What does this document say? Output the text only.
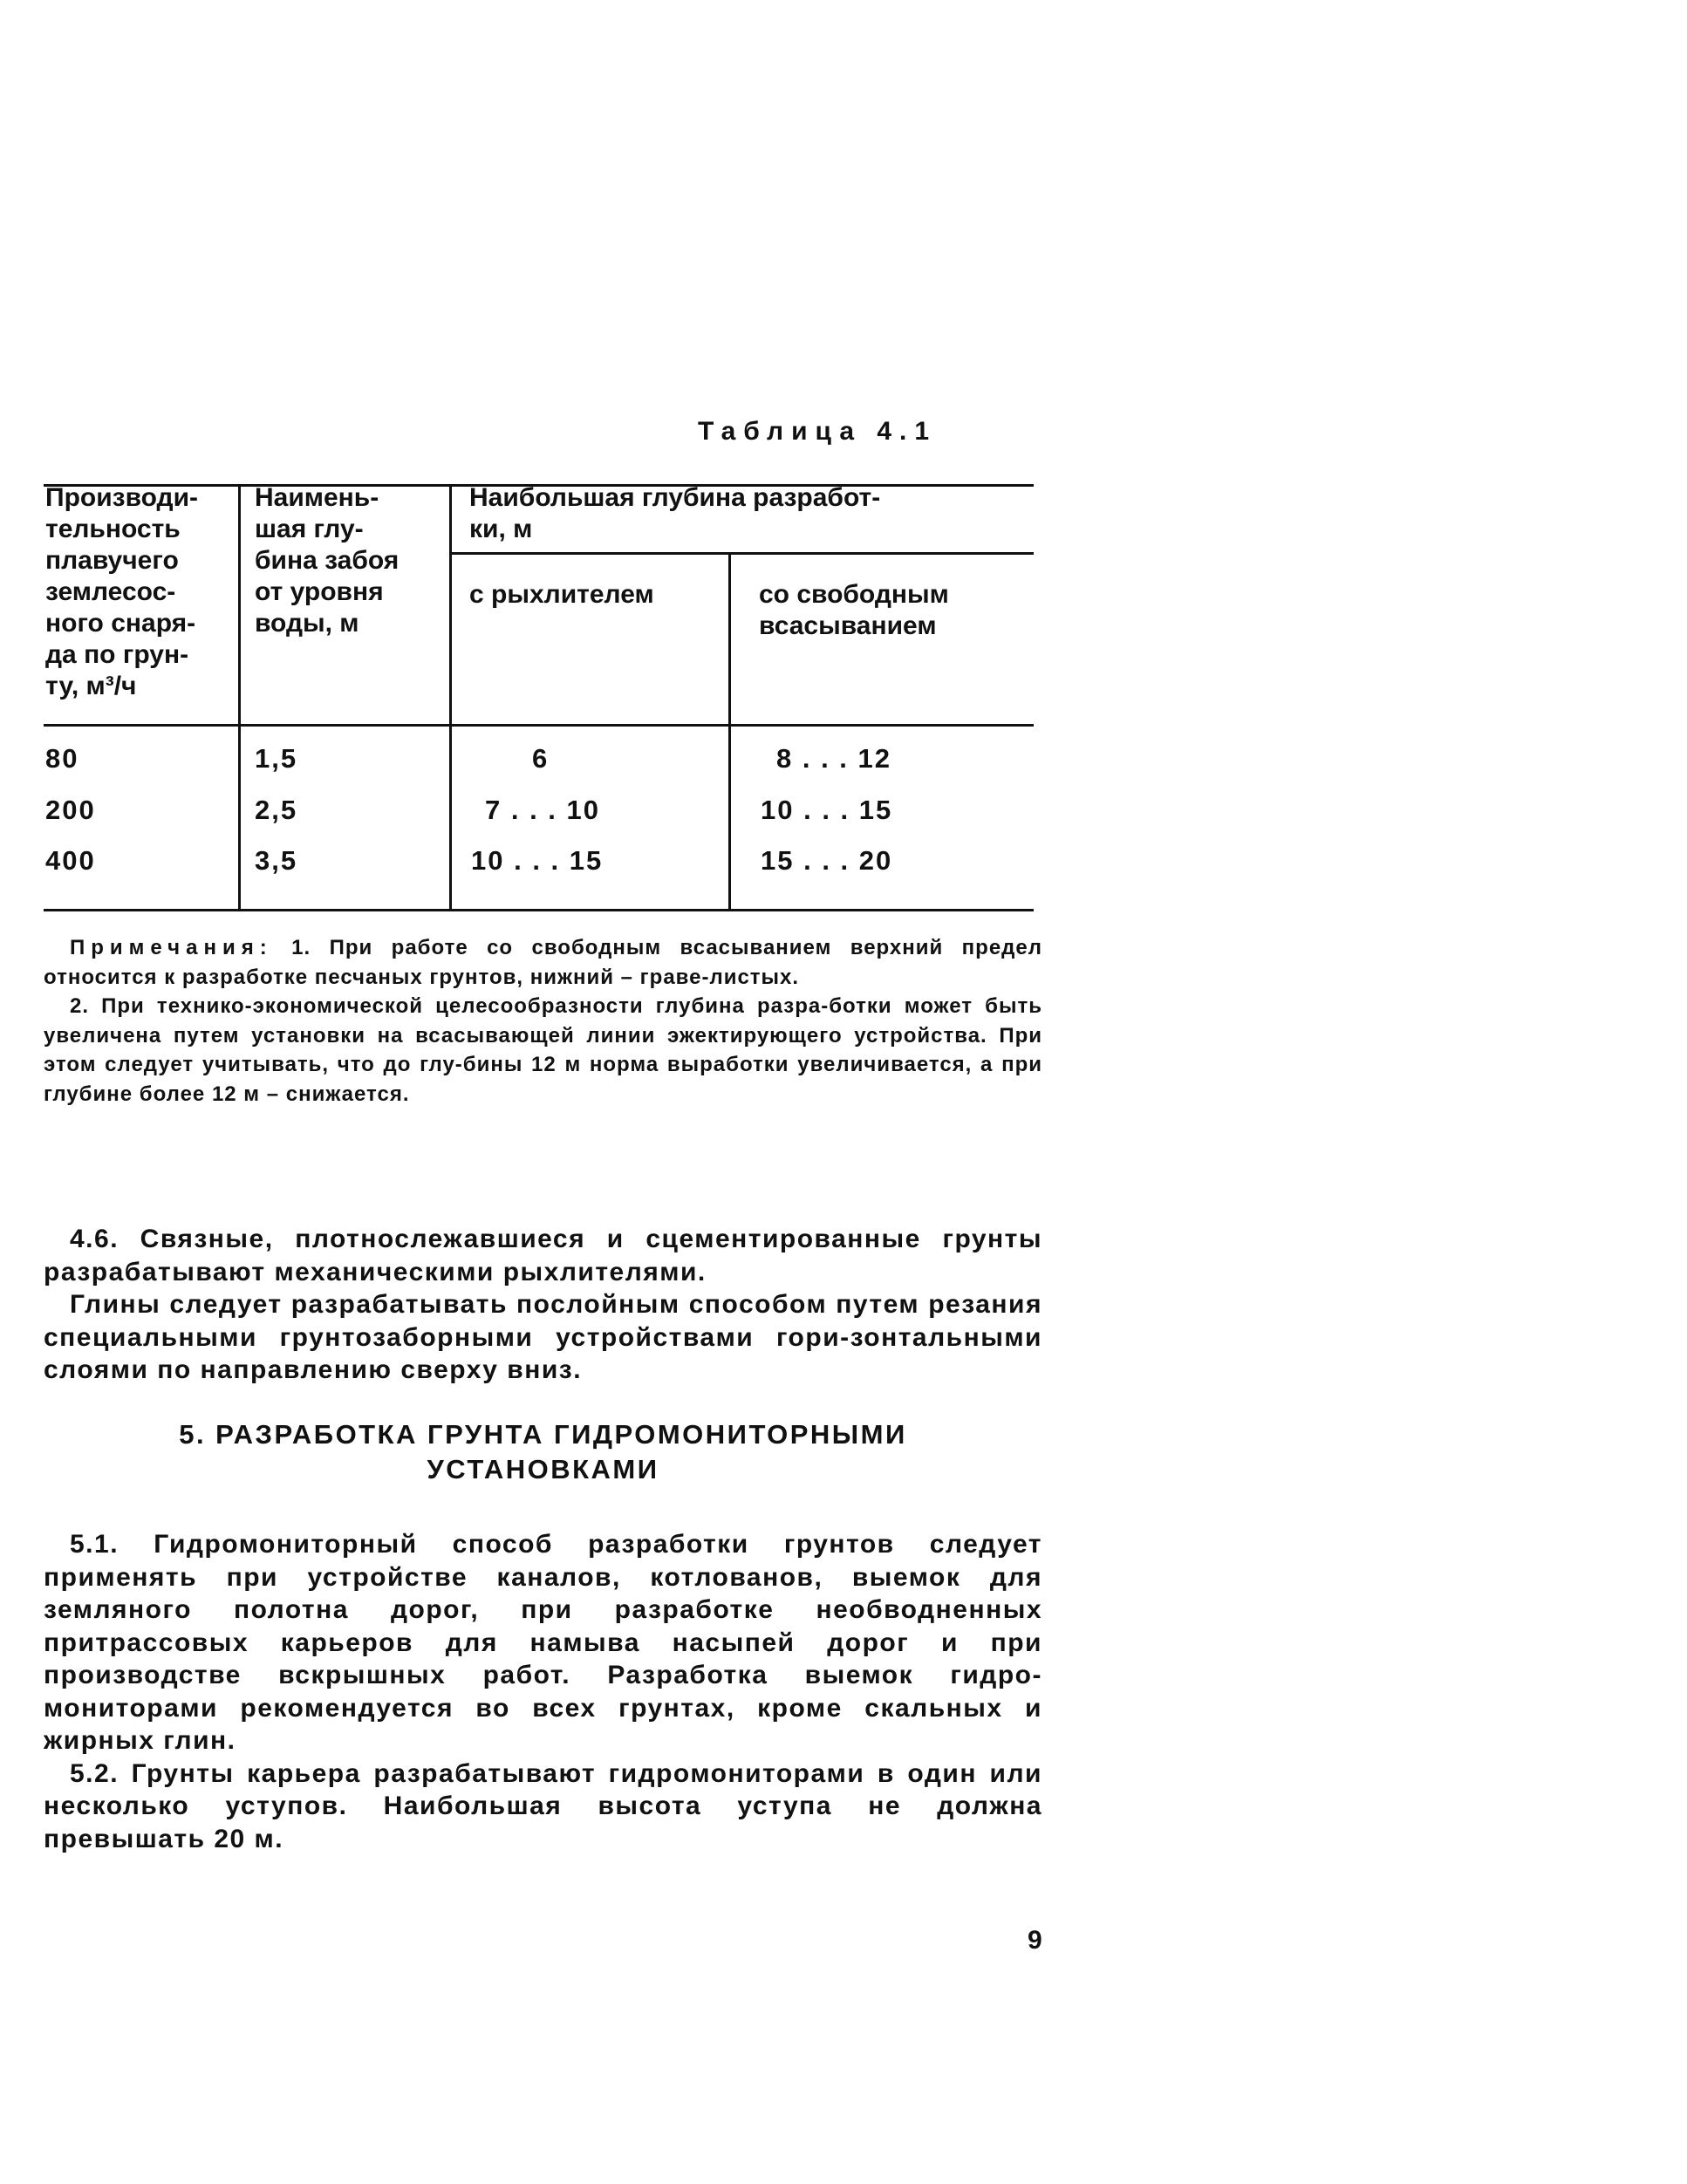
Таблица 4.1
Производи-
тельность
плавучего
землесос-
ного снаря-
да по грун-
ту, м³/ч
Наимень-
шая глу-
бина забоя
от уровня
воды, м
Наибольшая глубина разработ-
ки, м
с рыхлителем	со свободным
всасыванием
80	1,5	6	8 . . . 12
200	2,5	7 . . . 10	10 . . . 15
400	3,5	10 . . . 15	15 . . . 20

Примечания: 1. При работе со свободным всасыванием верхний предел относится к разработке песчаных грунтов, нижний – граве-листых.

2. При технико-экономической целесообразности глубина разра-ботки может быть увеличена путем установки на всасывающей линии эжектирующего устройства. При этом следует учитывать, что до глу-бины 12 м норма выработки увеличивается, а при глубине более 12 м – снижается.

4.6. Связные, плотнослежавшиеся и сцементированные грунты разрабатывают механическими рыхлителями.

Глины следует разрабатывать послойным способом путем резания специальными грунтозаборными устройствами гори-зонтальными слоями по направлению сверху вниз.

5. РАЗРАБОТКА ГРУНТА ГИДРОМОНИТОРНЫМИ
УСТАНОВКАМИ

5.1. Гидромониторный способ разработки грунтов следует применять при устройстве каналов, котлованов, выемок для земляного полотна дорог, при разработке необводненных притрассовых карьеров для намыва насыпей дорог и при производстве вскрышных работ. Разработка выемок гидро-мониторами рекомендуется во всех грунтах, кроме скальных и жирных глин.

5.2. Грунты карьера разрабатывают гидромониторами в один или несколько уступов. Наибольшая высота уступа не должна превышать 20 м.

9
